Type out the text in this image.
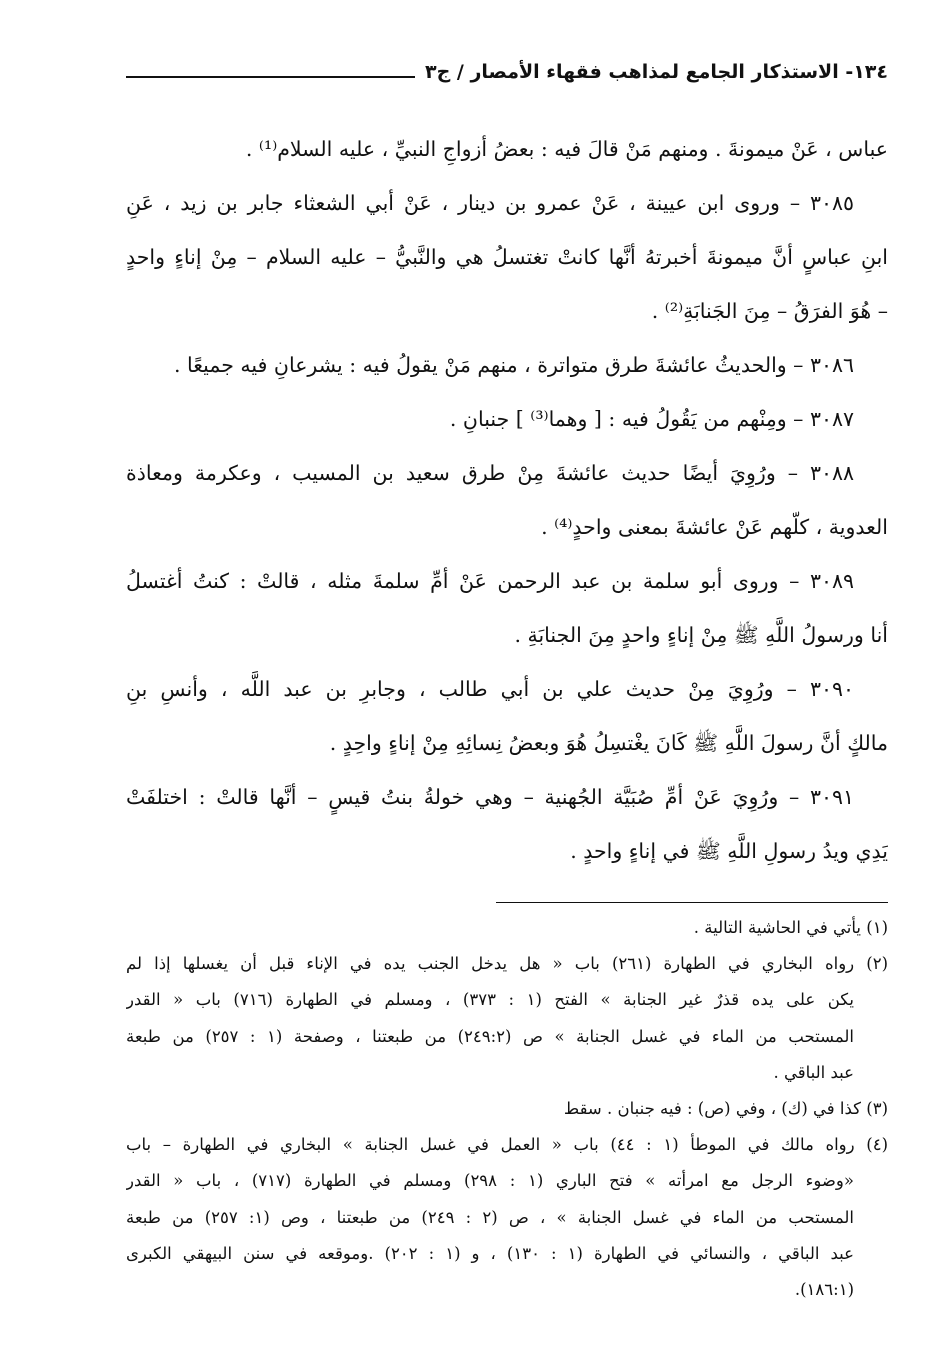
١٣٤- الاستذكار الجامع لمذاهب فقهاء الأمصار / ج٣
عباس ، عَنْ ميمونةَ . ومنهم مَنْ قالَ فيه : بعضُ أزواجِ النبيِّ ، عليه السلام⁽¹⁾ .
٣٠٨٥ – وروى ابن عيينة ، عَنْ عمرو بن دينار ، عَنْ أبي الشعثاء جابر بن زيد ، عَنِ
ابنِ عباسٍ أنَّ ميمونةَ أخبرتهُ أنَّها كانتْ تغتسلُ هي والنَّبيُّ – عليه السلام – مِنْ إناءٍ واحدٍ
– هُوَ الفرَقُ – مِنَ الجَنابَةِ⁽²⁾ .
٣٠٨٦ – والحديثُ عائشةَ طرق متواترة ، منهم مَنْ يقولُ فيه : يشرعانِ فيه جميعًا .
٣٠٨٧ – ومِنْهم من يَقُولُ فيه : [ وهما⁽³⁾ ] جنبانِ .
٣٠٨٨ – ورُوِيَ أيضًا حديث عائشةَ مِنْ طرق سعيد بن المسيب ، وعكرمة ومعاذة
العدوية ، كلّهم عَنْ عائشةَ بمعنى واحدٍ⁽⁴⁾ .
٣٠٨٩ – وروى أبو سلمة بن عبد الرحمن عَنْ أمِّ سلمةَ مثله ، قالتْ : كنتُ أغتسلُ
أنا ورسولُ اللَّهِ ﷺ مِنْ إناءٍ واحدٍ مِنَ الجنابَةِ .
٣٠٩٠ – ورُوِيَ مِنْ حديث علي بن أبي طالب ، وجابرِ بن عبد اللَّه ، وأنسِ بنِ
مالكٍ أنَّ رسولَ اللَّهِ ﷺ كَانَ يغْتسِلُ هُوَ وبعضُ نِسائِهِ مِنْ إناءٍ واحِدٍ .
٣٠٩١ – ورُوِيَ عَنْ أمِّ صُبَيَّة الجُهنية – وهي خولةُ بنتُ قيسٍ – أنَّها قالتْ : اختلفَتْ
يَدِي ويدُ رسولِ اللَّهِ ﷺ في إناءٍ واحدٍ .
(١) يأتي في الحاشية التالية .
(٢) رواه البخاري في الطهارة (٢٦١) باب « هل يدخل الجنب يده في الإناء قبل أن يغسلها إذا لم
يكن على يده قذرٌ غير الجنابة » الفتح (١ : ٣٧٣) ، ومسلم في الطهارة (٧١٦) باب « القدر
المستحب من الماء في غسل الجنابة » ص (٢٤٩:٢) من طبعتنا ، وصفحة (١ : ٢٥٧) من طبعة
عبد الباقي .
(٣) كذا في (ك) ، وفي (ص) : فيه جنبان . سقط
(٤) رواه مالك في الموطأ (١ : ٤٤) باب « العمل في غسل الجنابة » البخاري في الطهارة – باب
«وضوء الرجل مع امرأته » فتح الباري (١ : ٢٩٨) ومسلم في الطهارة (٧١٧) ، باب « القدر
المستحب من الماء في غسل الجنابة » ، ص (٢ : ٢٤٩) من طبعتنا ، وص (١: ٢٥٧) من طبعة
عبد الباقي ، والنسائي في الطهارة (١ : ١٣٠) ، و (١ : ٢٠٢) .وموقعه في سنن البيهقي الكبرى
(١٨٦:١).
